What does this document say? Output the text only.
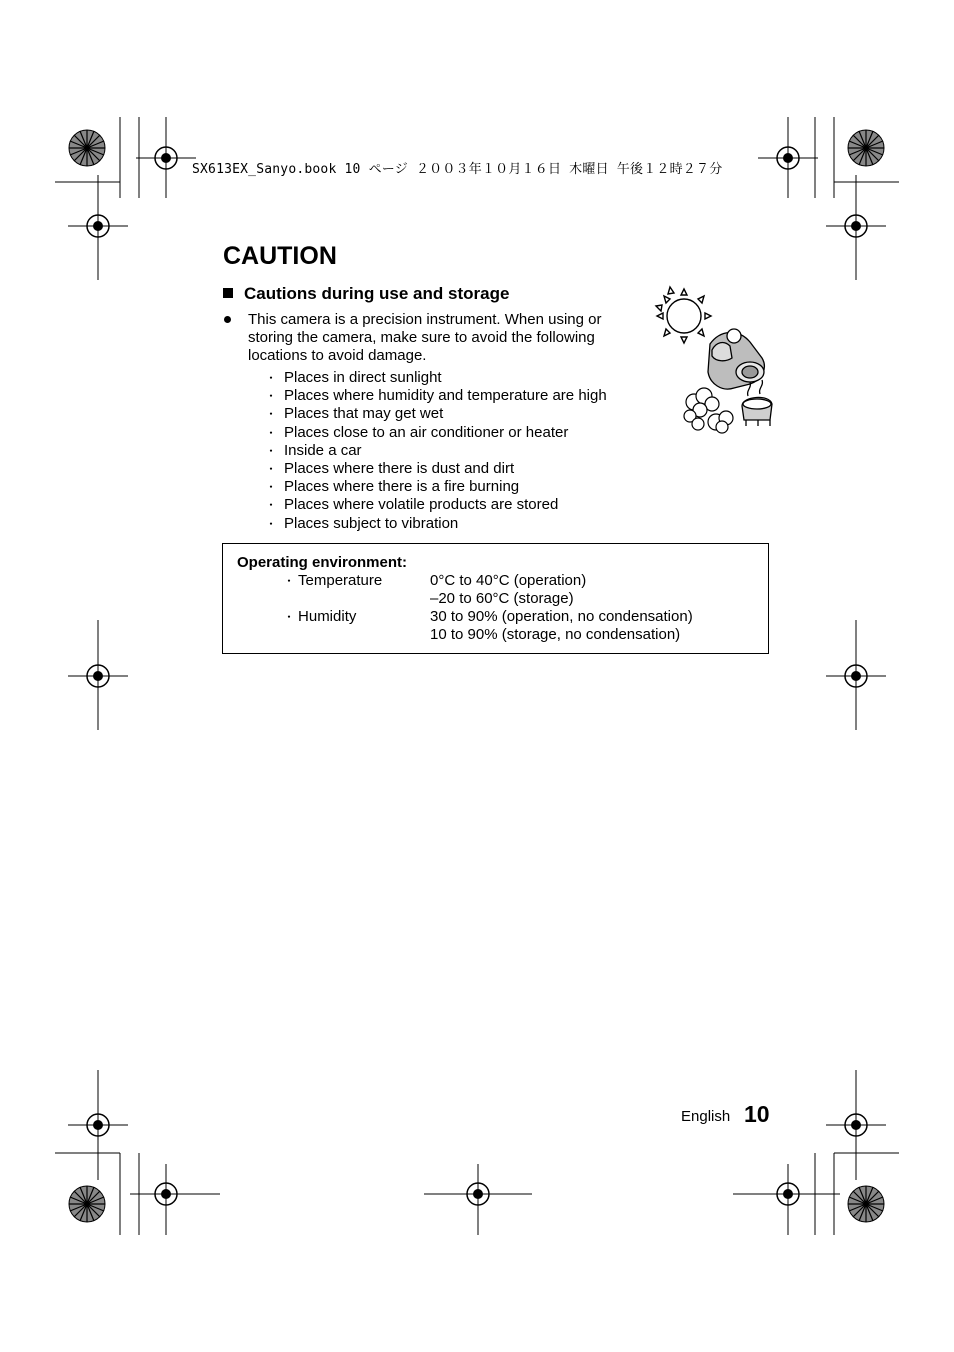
SX613EX_Sanyo.book 10 ページ ２００３年１０月１６日 木曜日 午後１２時２７分
CAUTION
Cautions during use and storage
This camera is a precision instrument. When using or storing the camera, make sure to avoid the following locations to avoid damage.
・ Places in direct sunlight
・ Places where humidity and temperature are high
・ Places that may get wet
・ Places close to an air conditioner or heater
・ Inside a car
・ Places where there is dust and dirt
・ Places where there is a fire burning
・ Places where volatile products are stored
・ Places subject to vibration
Operating environment:
・ Temperature	0°C to 40°C (operation)
–20 to 60°C (storage)
・ Humidity	30 to 90% (operation, no condensation)
10 to 90% (storage, no condensation)
English 10
